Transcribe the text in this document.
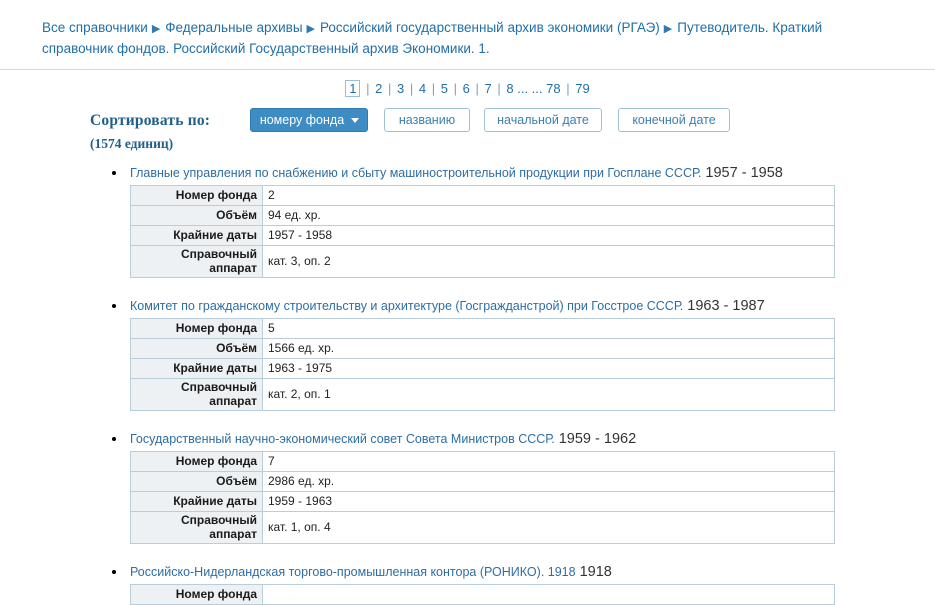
Все справочники ▶ Федеральные архивы ▶ Российский государственный архив экономики (РГАЭ) ▶ Путеводитель. Краткий справочник фондов. Российский Государственный архив Экономики. 1.
1 | 2 | 3 | 4 | 5 | 6 | 7 | 8 ... ... 78 | 79
Сортировать по:
(1574 единиц)
номеру фонда	названию	начальной дате	конечной дате
Главные управления по снабжению и сбыту машиностроительной продукции при Госплане СССР. 1957 - 1958
Номер фонда	2
Объём	94 ед. хр.
Крайние даты	1957 - 1958
Справочный аппарат	кат. 3, оп. 2
Комитет по гражданскому строительству и архитектуре (Госгражданстрой) при Госстрое СССР. 1963 - 1987
Номер фонда	5
Объём	1566 ед. хр.
Крайние даты	1963 - 1975
Справочный аппарат	кат. 2, оп. 1
Государственный научно-экономический совет Совета Министров СССР. 1959 - 1962
Номер фонда	7
Объём	2986 ед. хр.
Крайние даты	1959 - 1963
Справочный аппарат	кат. 1, оп. 4
Российско-Нидерландская торгово-промышленная контора (РОНИКО). 1918 1918
Номер фонда	
